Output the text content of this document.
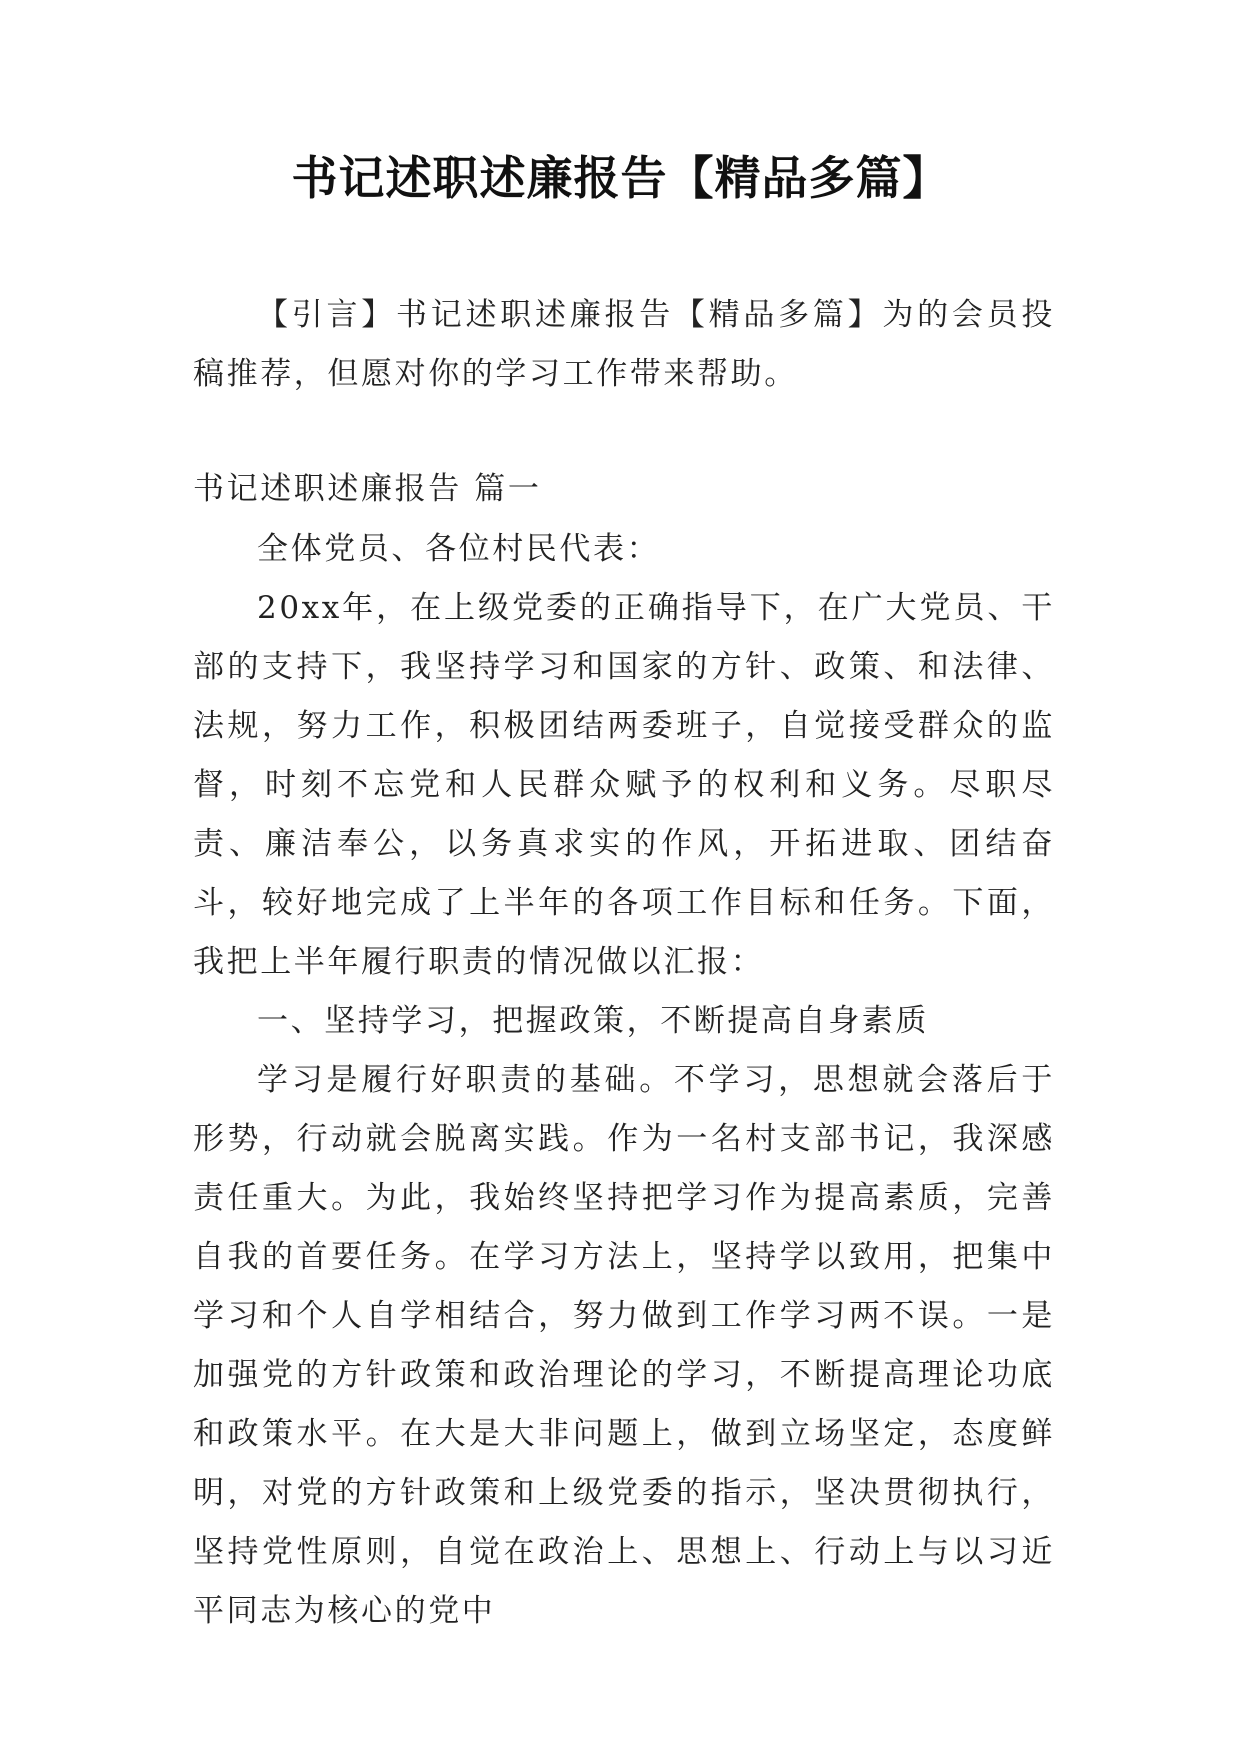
书记述职述廉报告【精品多篇】

【引言】书记述职述廉报告【精品多篇】为的会员投稿推荐，但愿对你的学习工作带来帮助。

书记述职述廉报告 篇一

全体党员、各位村民代表：

20xx年，在上级党委的正确指导下，在广大党员、干部的支持下，我坚持学习和国家的方针、政策、和法律、法规，努力工作，积极团结两委班子，自觉接受群众的监督，时刻不忘党和人民群众赋予的权利和义务。尽职尽责、廉洁奉公，以务真求实的作风，开拓进取、团结奋斗，较好地完成了上半年的各项工作目标和任务。下面，我把上半年履行职责的情况做以汇报：

一、坚持学习，把握政策，不断提高自身素质

学习是履行好职责的基础。不学习，思想就会落后于形势，行动就会脱离实践。作为一名村支部书记，我深感责任重大。为此，我始终坚持把学习作为提高素质，完善自我的首要任务。在学习方法上，坚持学以致用，把集中学习和个人自学相结合，努力做到工作学习两不误。一是加强党的方针政策和政治理论的学习，不断提高理论功底和政策水平。在大是大非问题上，做到立场坚定，态度鲜明，对党的方针政策和上级党委的指示，坚决贯彻执行，坚持党性原则，自觉在政治上、思想上、行动上与以习近平同志为核心的党中
